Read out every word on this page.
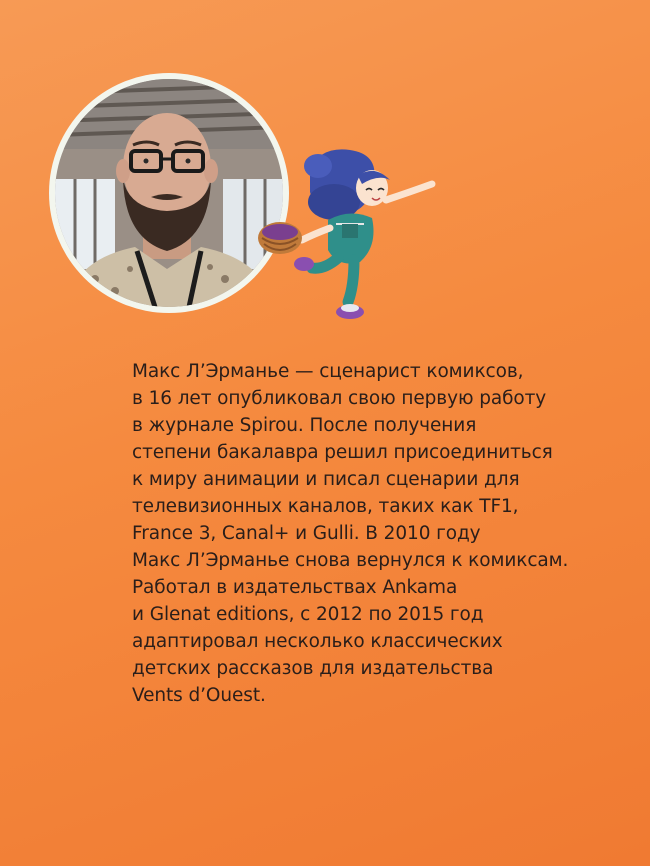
Макс Л’Эрманье — сценарист комиксов,
в 16 лет опубликовал свою первую работу
в журнале Spirou. После получения
степени бакалавра решил присоединиться
к миру анимации и писал сценарии для
телевизионных каналов, таких как TF1,
France 3, Canal+ и Gulli. В 2010 году
Макс Л’Эрманье снова вернулся к комиксам.
Работал в издательствах Ankama
и Glenat editions, с 2012 по 2015 год
адаптировал несколько классических
детских рассказов для издательства
Vents d’Ouest.
